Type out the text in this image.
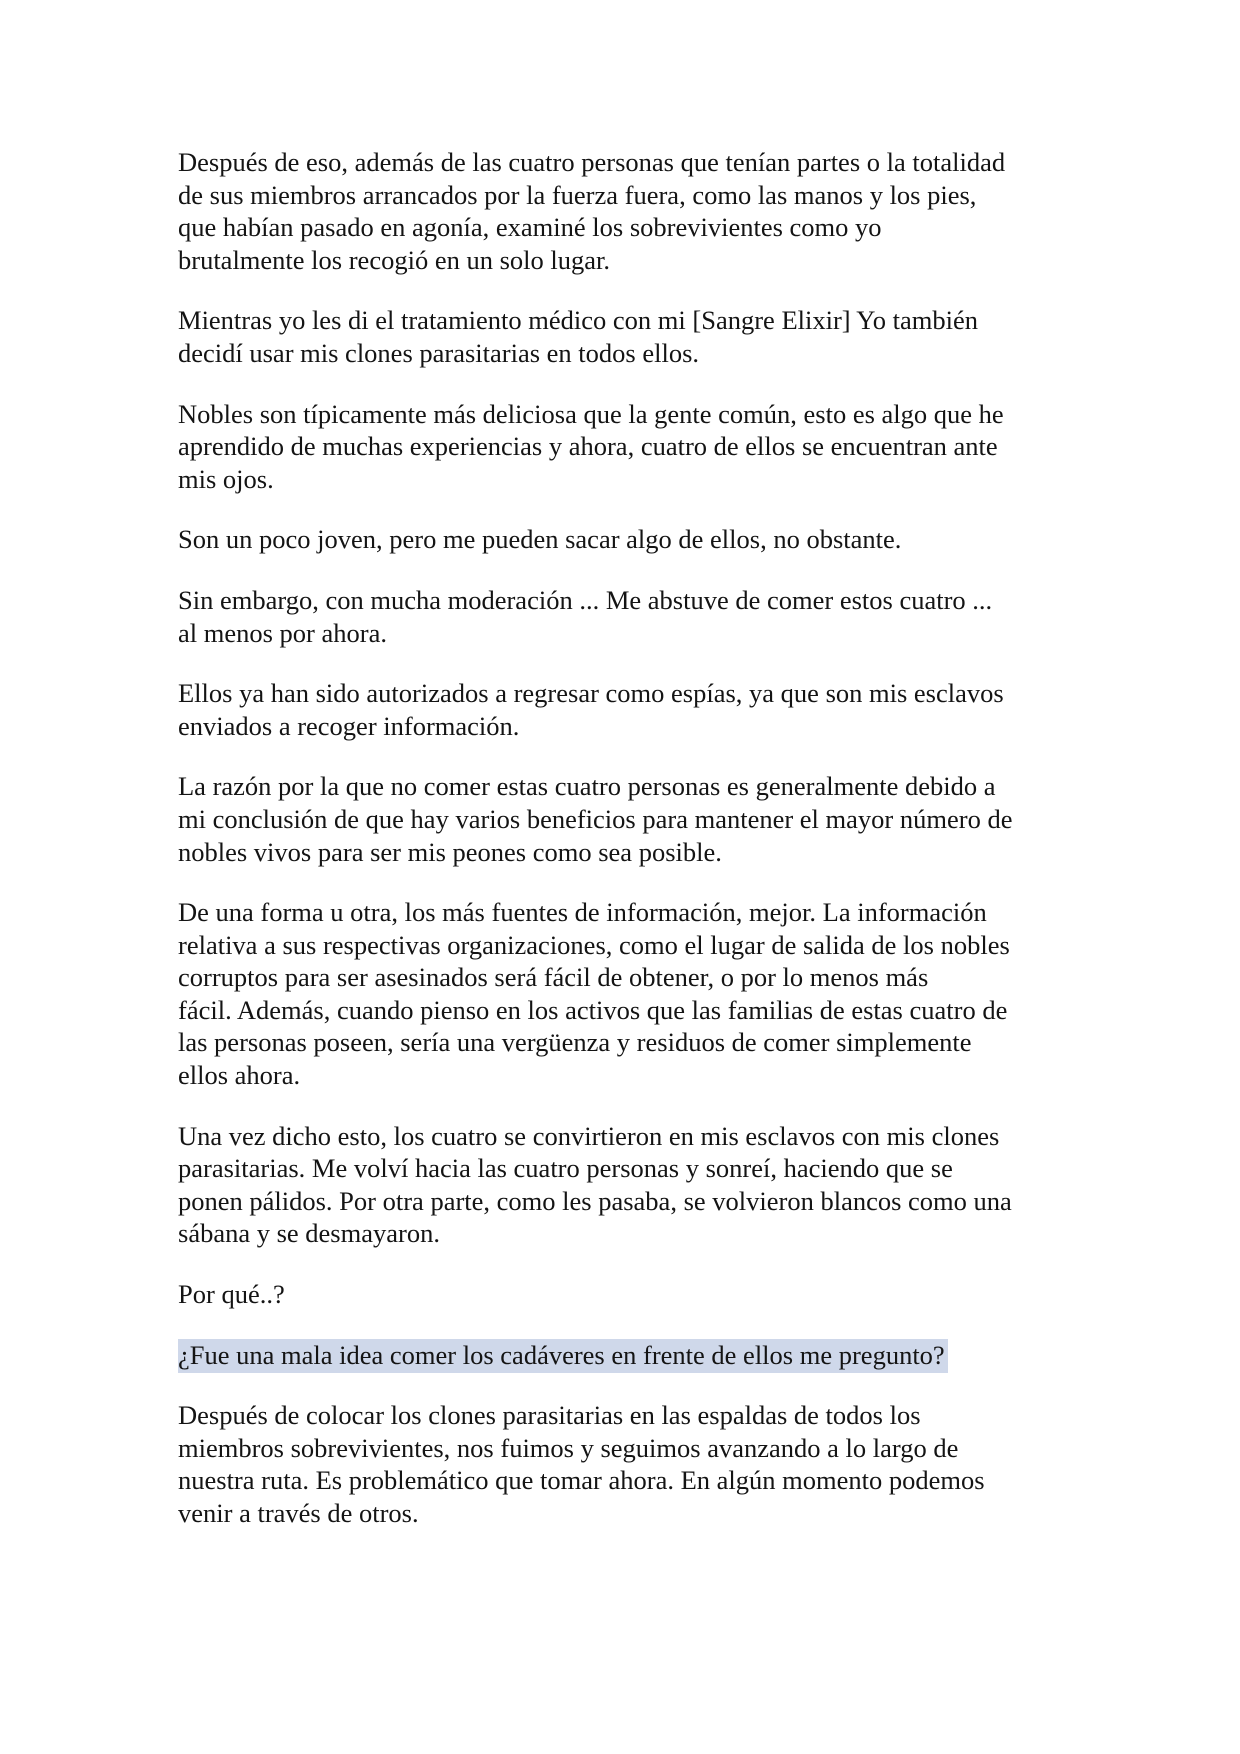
Después de eso, además de las cuatro personas que tenían partes o la totalidad
de sus miembros arrancados por la fuerza fuera, como las manos y los pies,
que habían pasado en agonía, examiné los sobrevivientes como yo
brutalmente los recogió en un solo lugar.

Mientras yo les di el tratamiento médico con mi [Sangre Elixir] Yo también
decidí usar mis clones parasitarias en todos ellos.

Nobles son típicamente más deliciosa que la gente común, esto es algo que he
aprendido de muchas experiencias y ahora, cuatro de ellos se encuentran ante
mis ojos.

Son un poco joven, pero me pueden sacar algo de ellos, no obstante.

Sin embargo, con mucha moderación ... Me abstuve de comer estos cuatro ...
al menos por ahora.

Ellos ya han sido autorizados a regresar como espías, ya que son mis esclavos
enviados a recoger información.

La razón por la que no comer estas cuatro personas es generalmente debido a
mi conclusión de que hay varios beneficios para mantener el mayor número de
nobles vivos para ser mis peones como sea posible.

De una forma u otra, los más fuentes de información, mejor. La información
relativa a sus respectivas organizaciones, como el lugar de salida de los nobles
corruptos para ser asesinados será fácil de obtener, o por lo menos más
fácil. Además, cuando pienso en los activos que las familias de estas cuatro de
las personas poseen, sería una vergüenza y residuos de comer simplemente
ellos ahora.

Una vez dicho esto, los cuatro se convirtieron en mis esclavos con mis clones
parasitarias. Me volví hacia las cuatro personas y sonreí, haciendo que se
ponen pálidos. Por otra parte, como les pasaba, se volvieron blancos como una
sábana y se desmayaron.

Por qué..?

¿Fue una mala idea comer los cadáveres en frente de ellos me pregunto?

Después de colocar los clones parasitarias en las espaldas de todos los
miembros sobrevivientes, nos fuimos y seguimos avanzando a lo largo de
nuestra ruta. Es problemático que tomar ahora. En algún momento podemos
venir a través de otros.
